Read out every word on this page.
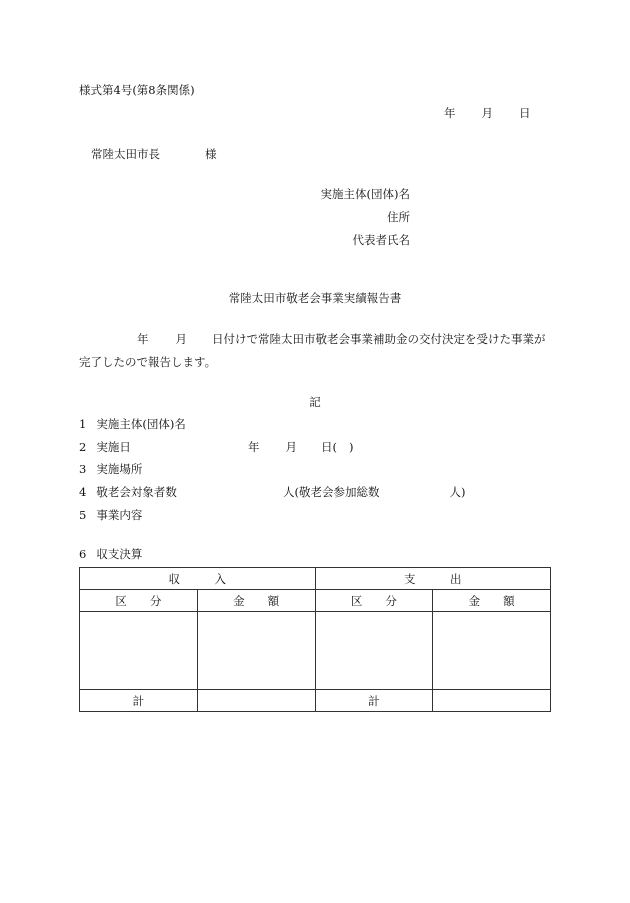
様式第4号(第8条関係)
年 月 日
常陸太田市長	様
実施主体(団体)名
住所
代表者氏名
常陸太田市敬老会事業実績報告書
年 月 日付けで常陸太田市敬老会事業補助金の交付決定を受けた事業が
完了したので報告します。
記
1 実施主体(団体)名
2 実施日	年 月 日( )
3 実施場所
4 敬老会対象者数	人(敬老会参加総数	人)
5 事業内容
6 収支決算
収　　　入		支　　　出	
区　　分	金　　額	区　　分	金　　額

計		計	
